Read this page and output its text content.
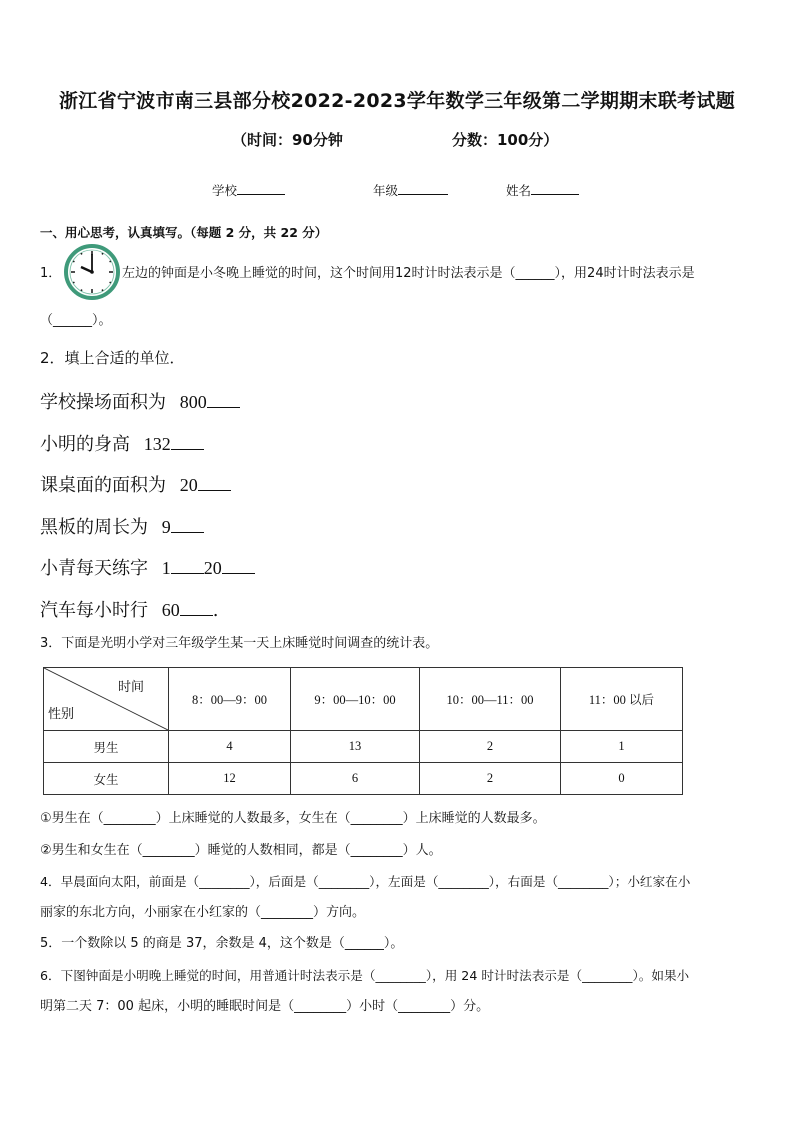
浙江省宁波市南三县部分校2022-2023学年数学三年级第二学期期末联考试题
（时间：90分钟	分数：100分）
学校	年级	姓名
一、用心思考，认真填写。（每题 2 分，共 22 分）
1．	左边的钟面是小冬晚上睡觉的时间，这个时间用12时计时法表示是（______），用24时计时法表示是
（______）。
2．填上合适的单位．
学校操场面积为 800
小明的身高 132
课桌面的面积为 20
黑板的周长为 9
小青每天练字 1 20
汽车每小时行 60 .
3．下面是光明小学对三年级学生某一天上床睡觉时间调查的统计表。
时间
性别	8：00—9：00	9：00—10：00	10：00—11：00	11：00 以后
男生	4	13	2	1
女生	12	6	2	0
①男生在（________）上床睡觉的人数最多，女生在（________）上床睡觉的人数最多。
②男生和女生在（________）睡觉的人数相同，都是（________）人。
4．早晨面向太阳，前面是（________），后面是（________），左面是（________），右面是（________）；小红家在小
丽家的东北方向，小丽家在小红家的（________）方向。
5．一个数除以 5 的商是 37，余数是 4，这个数是（______）。
6．下图钟面是小明晚上睡觉的时间，用普通计时法表示是（________），用 24 时计时法表示是（________）。如果小
明第二天 7：00 起床，小明的睡眠时间是（________）小时（________）分。
